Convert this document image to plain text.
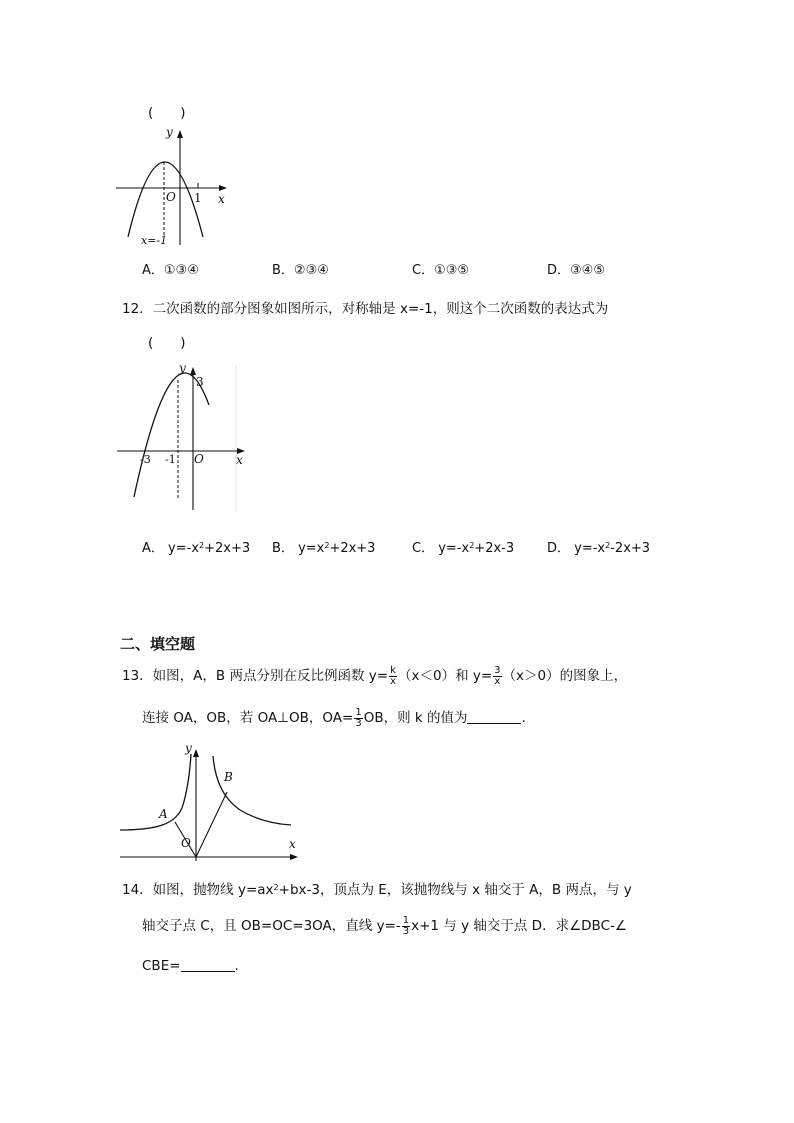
(　　)
y
O 1 x
x=-1
A．①③④	B．②③④	C．①③⑤	D．③④⑤
12．二次函数的部分图象如图所示，对称轴是 x=-1，则这个二次函数的表达式为
(　　)
y
3
-3 -1 O	x
A． $y=-x^2+2x+3$ B． $y=x^2+2x+3$	C． $y=-x^2+2x-3$	D． $y=-x^2-2x+3$
二、填空题
13．如图，A，B 两点分别在反比例函数 $y= \frac{k}{x} (x<0)$和 $y= \frac{3}{x} (x>0)$的图象上，
连接 OA，OB，若 OA⊥OB，$OA= \frac{1}{3}$ OB，则 k 的值为	.
y
A
B
O	x
14．如图，抛物线 $y=ax^2+bx-3$，顶点为 E，该抛物线与 x 轴交于 A，B 两点，与 y
轴交子点 C，且 OB=OC=3OA，直线 $y=- \frac{1}{3} x+1$ 与 y 轴交于点 D．求∠DBC-∠
CBE=	.
